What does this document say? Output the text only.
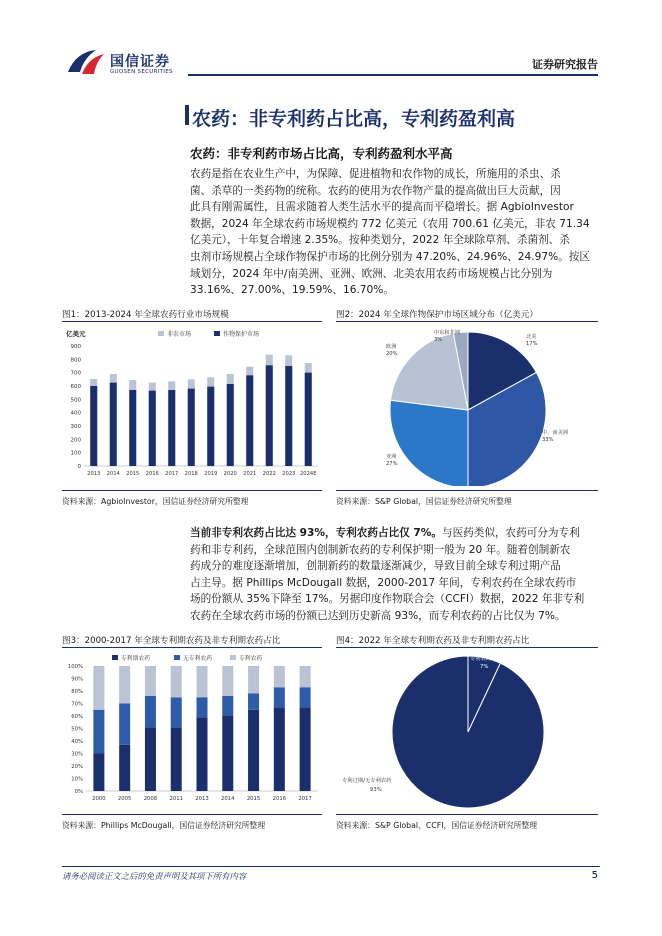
国信证券
GUOSEN SECURITIES
证券研究报告
农药：非专利药占比高，专利药盈利高
农药：非专利药市场占比高，专利药盈利水平高
农药是指在农业生产中，为保障、促进植物和农作物的成长，所施用的杀虫、杀
菌、杀草的一类药物的统称。农药的使用为农作物产量的提高做出巨大贡献，因
此具有刚需属性，且需求随着人类生活水平的提高而平稳增长。据 AgbioInvestor
数据，2024 年全球农药市场规模约 772 亿美元（农用 700.61 亿美元，非农 71.34
亿美元），十年复合增速 2.35%。按种类划分，2022 年全球除草剂、杀菌剂、杀
虫剂市场规模占全球作物保护市场的比例分别为 47.20%、24.96%、24.97%。按区
域划分，2024 年中/南美洲、亚洲、欧洲、北美农用农药市场规模占比分别为
33.16%、27.00%、19.59%、16.70%。
图1：2013-2024 年全球农药行业市场规模	图2：2024 年全球作物保护市场区域分布（亿美元）
亿美元
0
100
200
300
400
500
600
700
800
900
2013 2014 2015 2016 2017 2018 2019 2020 2021 2022 2023 2024E
非农市场	作物保护市场	北美
17%
中、南美洲
33%
亚洲
27%
欧洲
20%
中东和非洲
3%
资料来源：AgbioInvestor，国信证券经济研究所整理	资料来源：S&P Global，国信证券经济研究所整理
当前非专利农药占比达 93%，专利农药占比仅 7%。与医药类似，农药可分为专利
药和非专利药，全球范围内创制新农药的专利保护期一般为 20 年。随着创制新农
药成分的难度逐渐增加，创制新药的数量逐渐减少，导致目前全球专利过期产品
占主导。据 Phillips McDougall 数据，2000-2017 年间，专利农药在全球农药市
场的份额从 35%下降至 17%。另据印度作物联合会（CCFI）数据，2022 年非专利
农药在全球农药市场的份额已达到历史新高 93%，而专利农药的占比仅为 7%。
图3：2000-2017 年全球专利期农药及非专利期农药占比	图4：2022 年全球专利期农药及非专利期农药占比
0%
10%
20%
30%
40%
50%
60%
70%
80%
90%
100%
2000 2005 2008 2011 2013 2014 2015 2016 2017
专利期农药	无专利农药	专利农药	专利农药
7%
专利过期/无专利农药
93%
资料来源：Phillips McDougall，国信证券经济研究所整理	资料来源：S&P Global、CCFI，国信证券经济研究所整理
请务必阅读正文之后的免责声明及其项下所有内容	5
